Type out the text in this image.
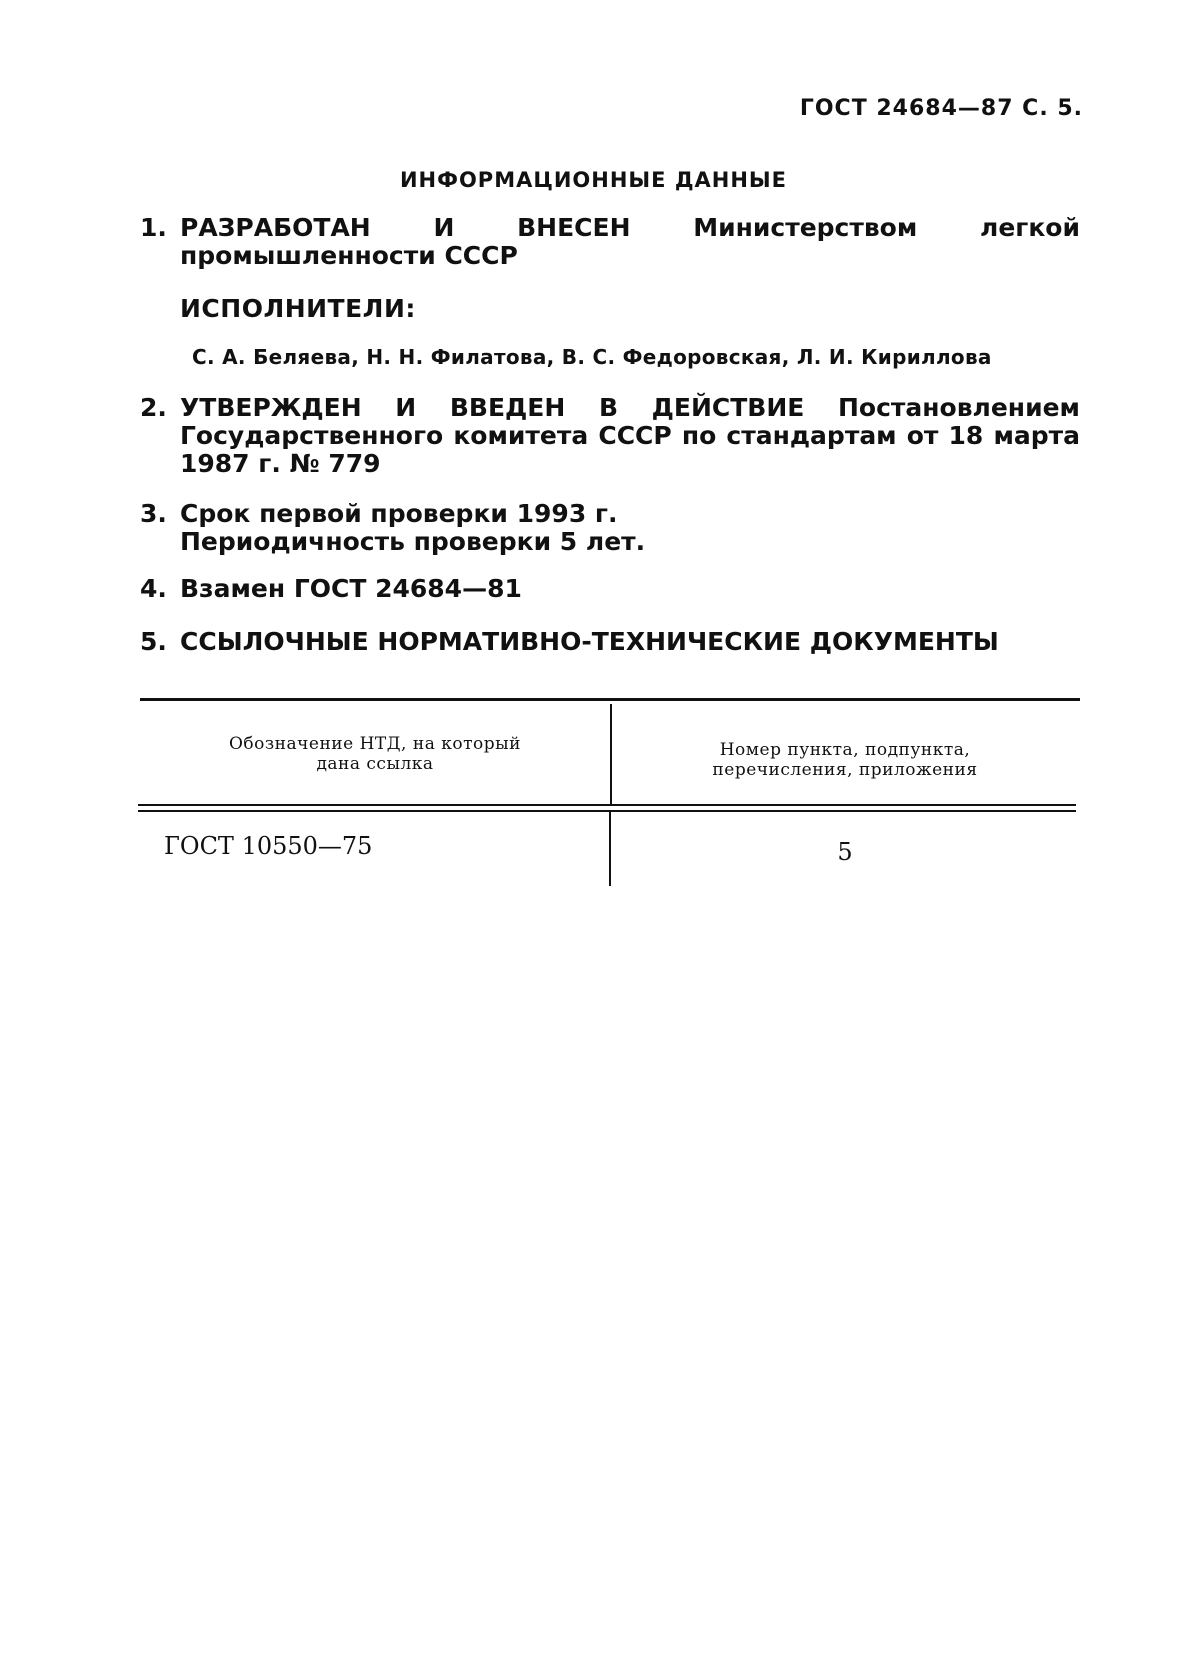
ГОСТ 24684—87 С. 5.
ИНФОРМАЦИОННЫЕ ДАННЫЕ
1. РАЗРАБОТАН И ВНЕСЕН Министерством легкой промышленности СССР
ИСПОЛНИТЕЛИ:
С. А. Беляева, Н. Н. Филатова, В. С. Федоровская, Л. И. Кириллова
2. УТВЕРЖДЕН И ВВЕДЕН В ДЕЙСТВИЕ Постановлением Государственного комитета СССР по стандартам от 18 марта 1987 г. № 779
3. Срок первой проверки 1993 г.
Периодичность проверки 5 лет.
4. Взамен ГОСТ 24684—81
5. ССЫЛОЧНЫЕ НОРМАТИВНО-ТЕХНИЧЕСКИЕ ДОКУМЕНТЫ
Обозначение НТД, на который
дана ссылка
Номер пункта, подпункта,
перечисления, приложения
ГОСТ 10550—75	5
